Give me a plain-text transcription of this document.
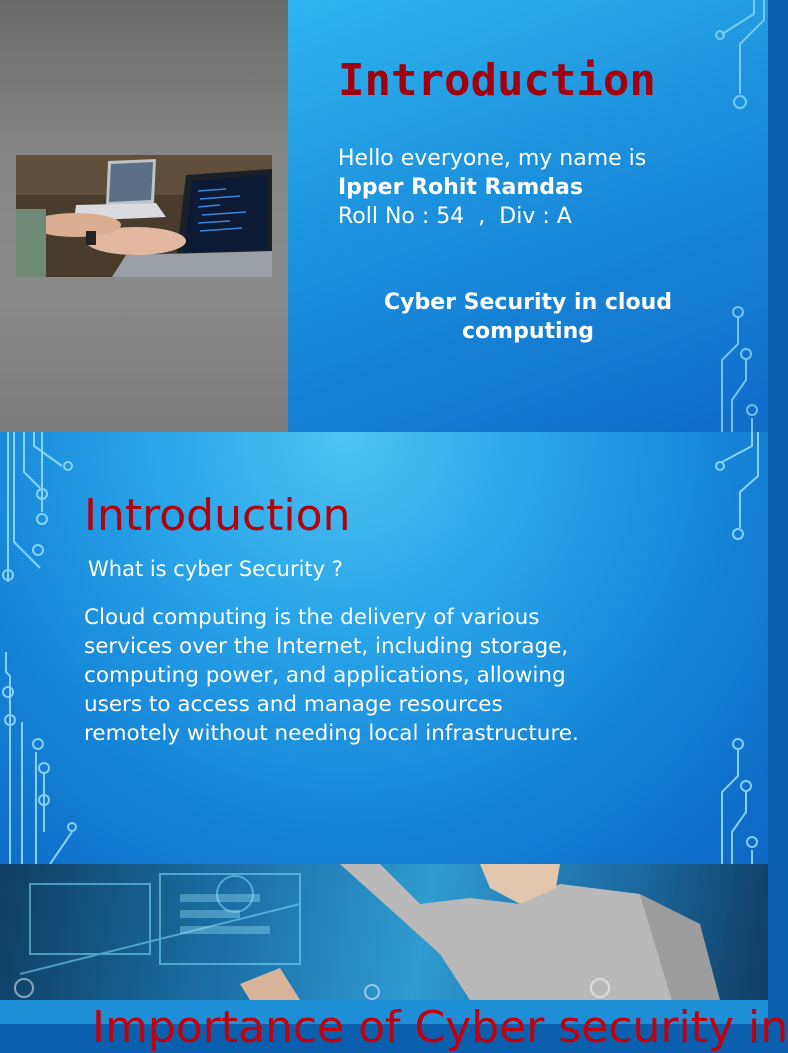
Introduction
Hello everyone, my name is
Ipper Rohit Ramdas
Roll No : 54  ,  Div : A
Cyber Security in cloud computing
Introduction
What is cyber Security ?
Cloud computing is the delivery of various services over the Internet, including storage, computing power, and applications, allowing users to access and manage resources remotely without needing local infrastructure.
Importance of Cyber security in
